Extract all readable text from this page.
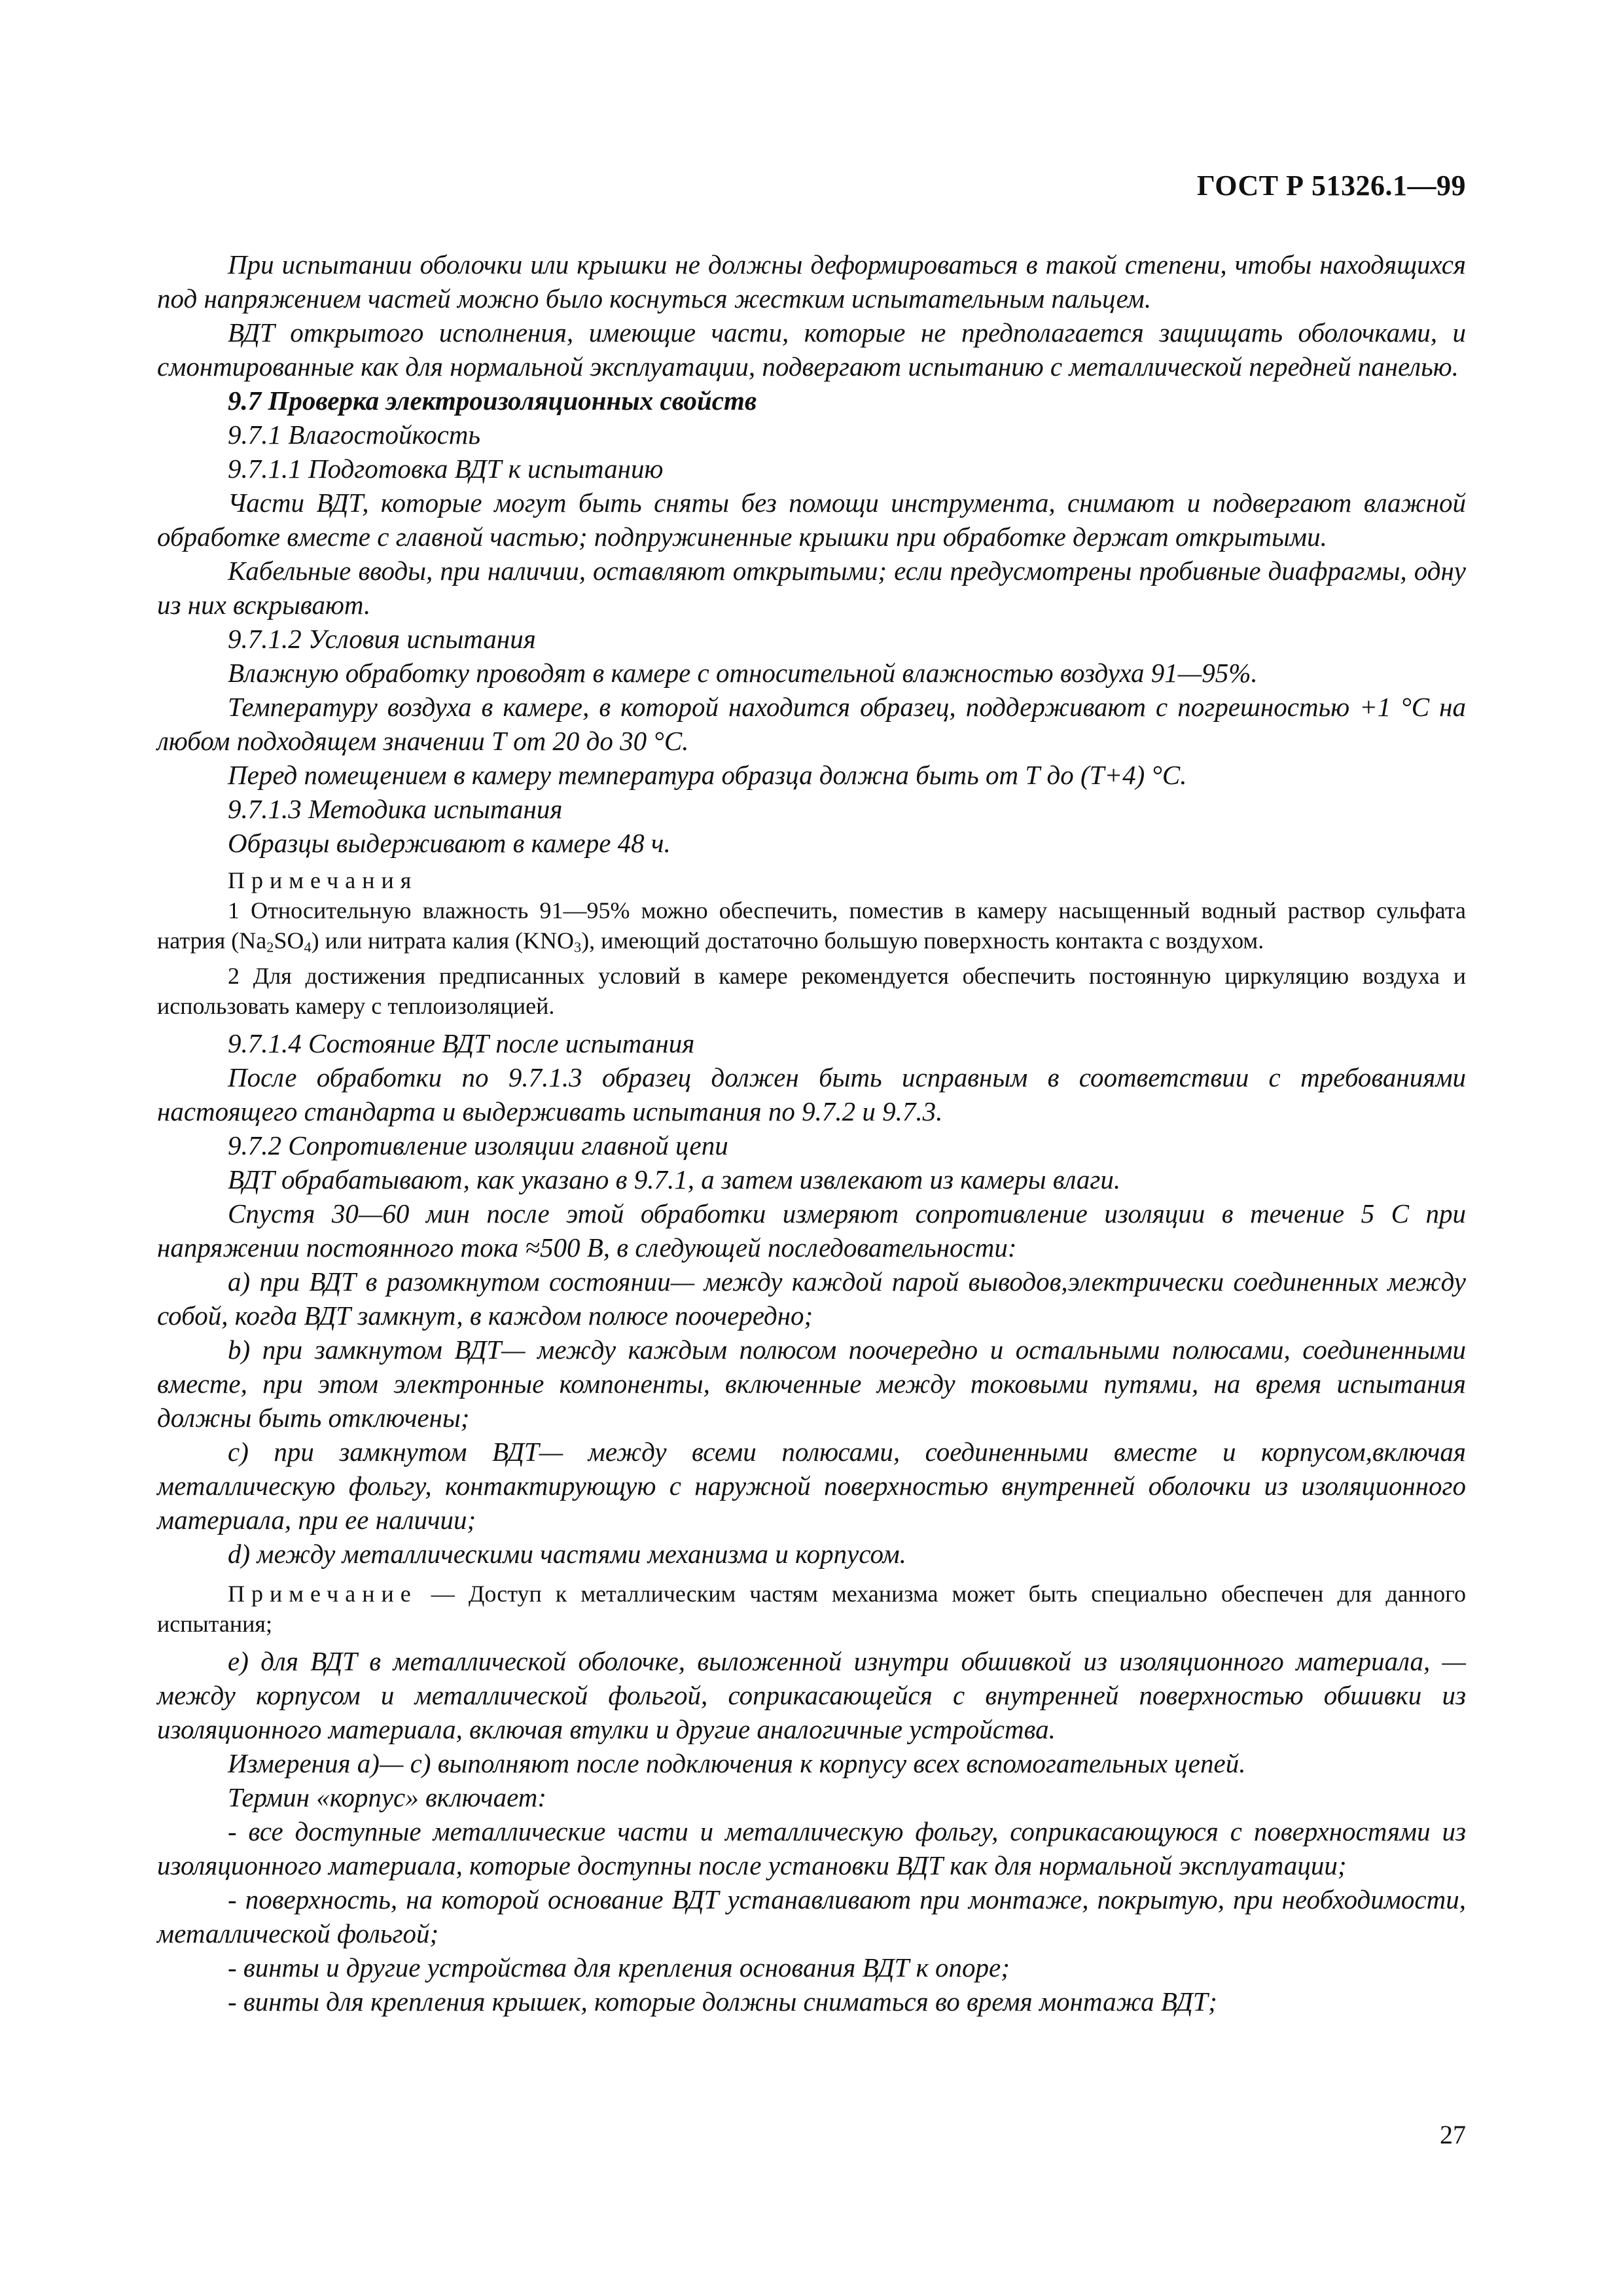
ГОСТ Р 51326.1—99

При испытании оболочки или крышки не должны деформироваться в такой степени, чтобы находящихся под напряжением частей можно было коснуться жестким испытательным пальцем.

ВДТ открытого исполнения, имеющие части, которые не предполагается защищать оболочками, и смонтированные как для нормальной эксплуатации, подвергают испытанию с металлической передней панелью.

9.7 Проверка электроизоляционных свойств

9.7.1 Влагостойкость

9.7.1.1 Подготовка ВДТ к испытанию

Части ВДТ, которые могут быть сняты без помощи инструмента, снимают и подвергают влажной обработке вместе с главной частью; подпружиненные крышки при обработке держат открытыми.

Кабельные вводы, при наличии, оставляют открытыми; если предусмотрены пробивные диафрагмы, одну из них вскрывают.

9.7.1.2 Условия испытания

Влажную обработку проводят в камере с относительной влажностью воздуха 91—95%.

Температуру воздуха в камере, в которой находится образец, поддерживают с погрешностью +1 °С на любом подходящем значении Т от 20 до 30 °С.

Перед помещением в камеру температура образца должна быть от Т до (Т+4) °С.

9.7.1.3 Методика испытания

Образцы выдерживают в камере 48 ч.

Примечания

1 Относительную влажность 91—95% можно обеспечить, поместив в камеру насыщенный водный раствор сульфата натрия $(Na_2SO_4)$ или нитрата калия $(KNO_3)$, имеющий достаточно большую поверхность контакта с воздухом.

2 Для достижения предписанных условий в камере рекомендуется обеспечить постоянную циркуляцию воздуха и использовать камеру с теплоизоляцией.

9.7.1.4 Состояние ВДТ после испытания

После обработки по 9.7.1.3 образец должен быть исправным в соответствии с требованиями настоящего стандарта и выдерживать испытания по 9.7.2 и 9.7.3.

9.7.2 Сопротивление изоляции главной цепи

ВДТ обрабатывают, как указано в 9.7.1, а затем извлекают из камеры влаги.

Спустя 30—60 мин после этой обработки измеряют сопротивление изоляции в течение 5 С при напряжении постоянного тока ≈500 В, в следующей последовательности:

a) при ВДТ в разомкнутом состоянии— между каждой парой выводов,электрически соединенных между собой, когда ВДТ замкнут, в каждом полюсе поочередно;

b) при замкнутом ВДТ— между каждым полюсом поочередно и остальными полюсами, соединенными вместе, при этом электронные компоненты, включенные между токовыми путями, на время испытания должны быть отключены;

c) при замкнутом ВДТ— между всеми полюсами, соединенными вместе и корпусом,включая металлическую фольгу, контактирующую с наружной поверхностью внутренней оболочки из изоляционного материала, при ее наличии;

d) между металлическими частями механизма и корпусом.

Примечание — Доступ к металлическим частям механизма может быть специально обеспечен для данного испытания;

e) для ВДТ в металлической оболочке, выложенной изнутри обшивкой из изоляционного материала, — между корпусом и металлической фольгой, соприкасающейся с внутренней поверхностью обшивки из изоляционного материала, включая втулки и другие аналогичные устройства.

Измерения a)— c) выполняют после подключения к корпусу всех вспомогательных цепей.

Термин «корпус» включает:

- все доступные металлические части и металлическую фольгу, соприкасающуюся с поверхностями из изоляционного материала, которые доступны после установки ВДТ как для нормальной эксплуатации;

- поверхность, на которой основание ВДТ устанавливают при монтаже, покрытую, при необходимости, металлической фольгой;

- винты и другие устройства для крепления основания ВДТ к опоре;

- винты для крепления крышек, которые должны сниматься во время монтажа ВДТ;

27
